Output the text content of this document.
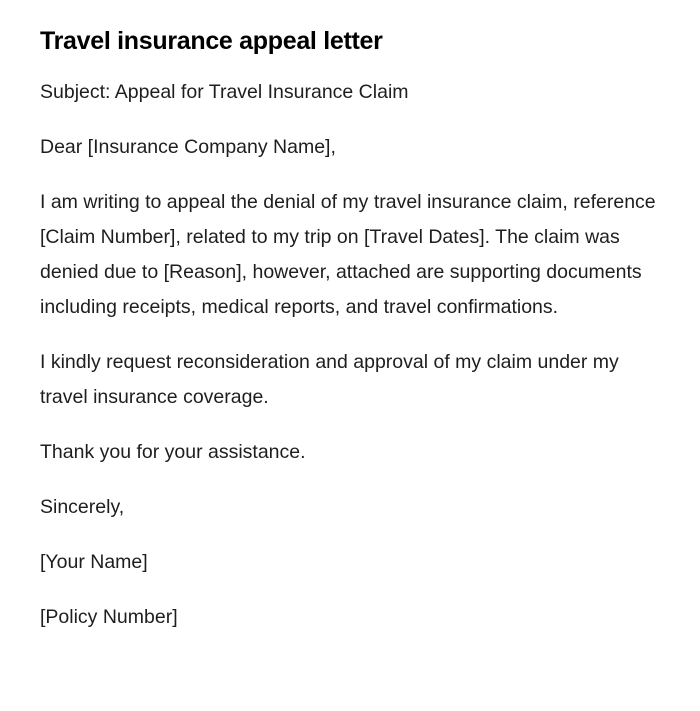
Travel insurance appeal letter

Subject: Appeal for Travel Insurance Claim

Dear [Insurance Company Name],

I am writing to appeal the denial of my travel insurance claim, reference [Claim Number], related to my trip on [Travel Dates]. The claim was denied due to [Reason], however, attached are supporting documents including receipts, medical reports, and travel confirmations.

I kindly request reconsideration and approval of my claim under my travel insurance coverage.

Thank you for your assistance.

Sincerely,

[Your Name]

[Policy Number]
